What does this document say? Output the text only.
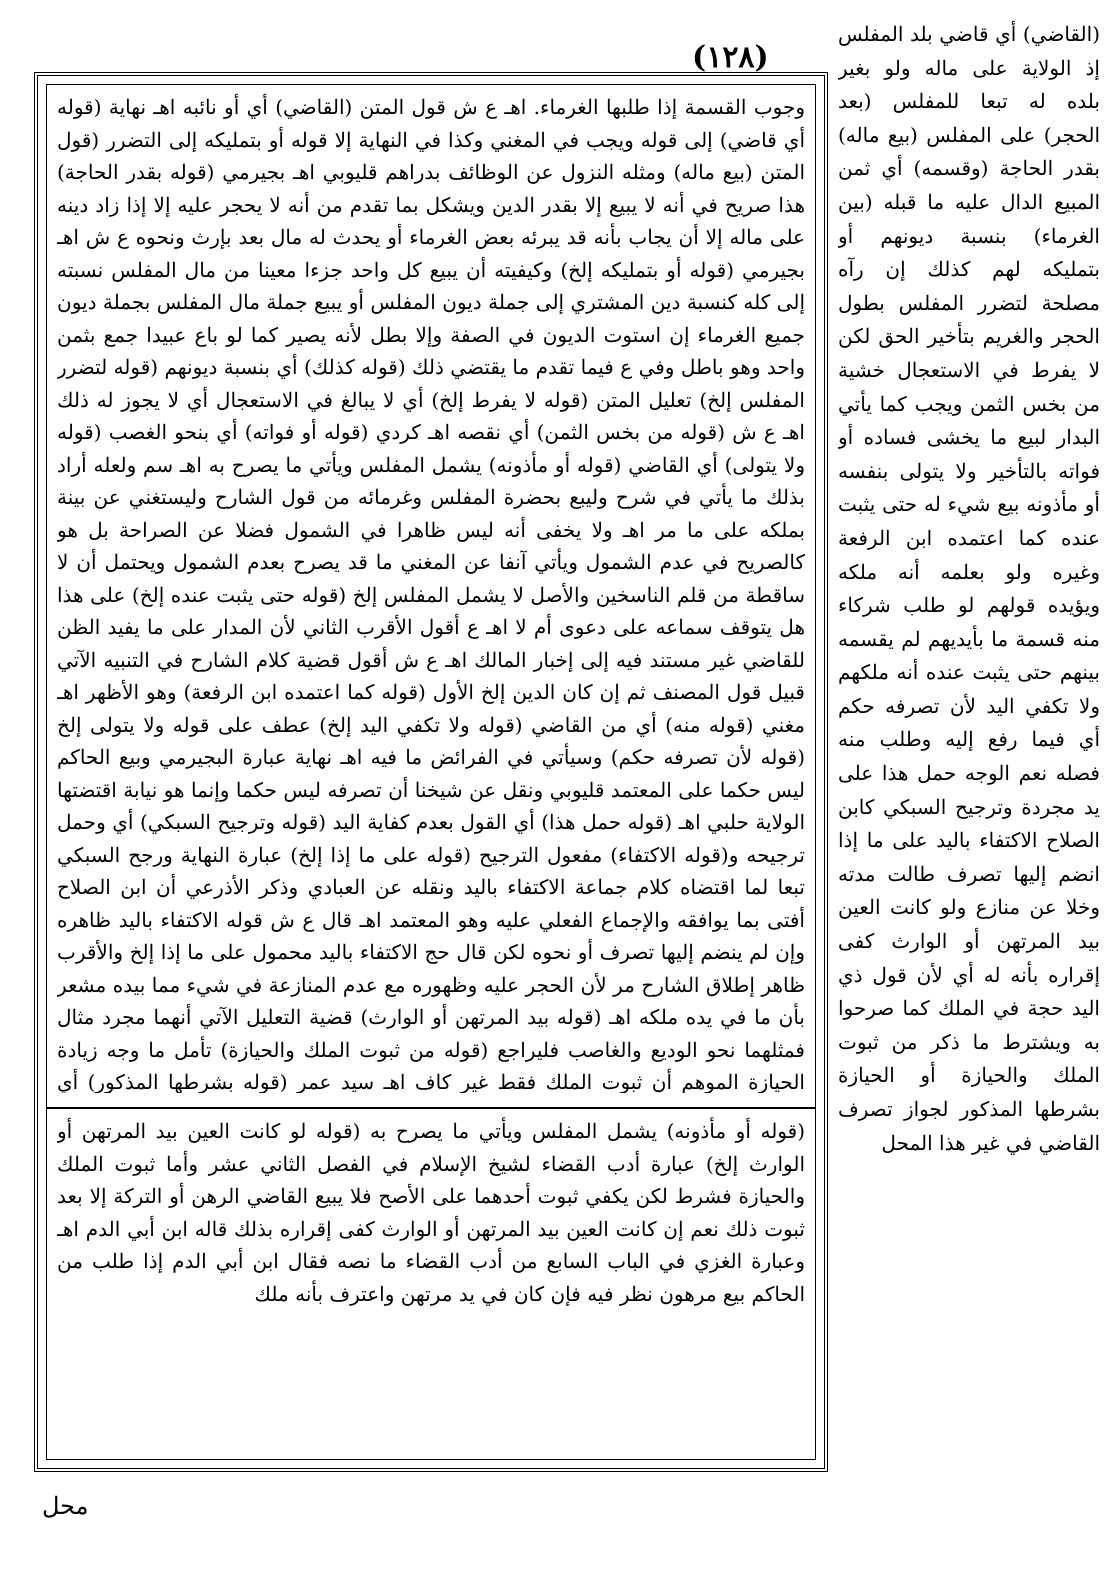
(١٢٨)

وجوب القسمة إذا طلبها الغرماء. اهـ ع ش قول المتن (القاضي) أي أو نائبه اهـ نهاية (قوله أي قاضي) إلى قوله ويجب في المغني وكذا في النهاية إلا قوله أو بتمليكه إلى التضرر (قول المتن (بيع ماله) ومثله النزول عن الوظائف بدراهم قليوبي اهـ بجيرمي (قوله بقدر الحاجة) هذا صريح في أنه لا يبيع إلا بقدر الدين ويشكل بما تقدم من أنه لا يحجر عليه إلا إذا زاد دينه على ماله إلا أن يجاب بأنه قد يبرئه بعض الغرماء أو يحدث له مال بعد بإرث ونحوه ع ش اهـ بجيرمي (قوله أو بتمليكه إلخ) وكيفيته أن يبيع كل واحد جزءا معينا من مال المفلس نسبته إلى كله كنسبة دين المشتري إلى جملة ديون المفلس أو يبيع جملة مال المفلس بجملة ديون جميع الغرماء إن استوت الديون في الصفة وإلا بطل لأنه يصير كما لو باع عبيدا جمع بثمن واحد وهو باطل وفي ع فيما تقدم ما يقتضي ذلك (قوله كذلك) أي بنسبة ديونهم (قوله لتضرر المفلس إلخ) تعليل المتن (قوله لا يفرط إلخ) أي لا يبالغ في الاستعجال أي لا يجوز له ذلك اهـ ع ش (قوله من بخس الثمن) أي نقصه اهـ كردي (قوله أو فواته) أي بنحو الغصب (قوله ولا يتولى) أي القاضي (قوله أو مأذونه) يشمل المفلس ويأتي ما يصرح به اهـ سم ولعله أراد بذلك ما يأتي في شرح وليبع بحضرة المفلس وغرمائه من قول الشارح وليستغني عن بينة بملكه على ما مر اهـ ولا يخفى أنه ليس ظاهرا في الشمول فضلا عن الصراحة بل هو كالصريح في عدم الشمول ويأتي آنفا عن المغني ما قد يصرح بعدم الشمول ويحتمل أن لا ساقطة من قلم الناسخين والأصل لا يشمل المفلس إلخ (قوله حتى يثبت عنده إلخ) على هذا هل يتوقف سماعه على دعوى أم لا اهـ ع أقول الأقرب الثاني لأن المدار على ما يفيد الظن للقاضي غير مستند فيه إلى إخبار المالك اهـ ع ش أقول قضية كلام الشارح في التنبيه الآتي قبيل قول المصنف ثم إن كان الدين إلخ الأول (قوله كما اعتمده ابن الرفعة) وهو الأظهر اهـ مغني (قوله منه) أي من القاضي (قوله ولا تكفي اليد إلخ) عطف على قوله ولا يتولى إلخ (قوله لأن تصرفه حكم) وسيأتي في الفرائض ما فيه اهـ نهاية عبارة البجيرمي وبيع الحاكم ليس حكما على المعتمد قليوبي ونقل عن شيخنا أن تصرفه ليس حكما وإنما هو نيابة اقتضتها الولاية حلبي اهـ (قوله حمل هذا) أي القول بعدم كفاية اليد (قوله وترجيح السبكي) أي وحمل ترجيحه و(قوله الاكتفاء) مفعول الترجيح (قوله على ما إذا إلخ) عبارة النهاية ورجح السبكي تبعا لما اقتضاه كلام جماعة الاكتفاء باليد ونقله عن العبادي وذكر الأذرعي أن ابن الصلاح أفتى بما يوافقه والإجماع الفعلي عليه وهو المعتمد اهـ قال ع ش قوله الاكتفاء باليد ظاهره وإن لم ينضم إليها تصرف أو نحوه لكن قال حج الاكتفاء باليد محمول على ما إذا إلخ والأقرب ظاهر إطلاق الشارح مر لأن الحجر عليه وظهوره مع عدم المنازعة في شيء مما بيده مشعر بأن ما في يده ملكه اهـ (قوله بيد المرتهن أو الوارث) قضية التعليل الآتي أنهما مجرد مثال فمثلهما نحو الوديع والغاصب فليراجع (قوله من ثبوت الملك والحيازة) تأمل ما وجه زيادة الحيازة الموهم أن ثبوت الملك فقط غير كاف اهـ سيد عمر (قوله بشرطها المذكور) أي

(قوله أو مأذونه) يشمل المفلس ويأتي ما يصرح به (قوله لو كانت العين بيد المرتهن أو الوارث إلخ) عبارة أدب القضاء لشيخ الإسلام في الفصل الثاني عشر وأما ثبوت الملك والحيازة فشرط لكن يكفي ثبوت أحدهما على الأصح فلا يبيع القاضي الرهن أو التركة إلا بعد ثبوت ذلك نعم إن كانت العين بيد المرتهن أو الوارث كفى إقراره بذلك قاله ابن أبي الدم اهـ وعبارة الغزي في الباب السابع من أدب القضاء ما نصه فقال ابن أبي الدم إذا طلب من الحاكم بيع مرهون نظر فيه فإن كان في يد مرتهن واعترف بأنه ملك

(القاضي) أي قاضي بلد المفلس إذ الولاية على ماله ولو بغير بلده له تبعا للمفلس (بعد الحجر) على المفلس (بيع ماله) بقدر الحاجة (وقسمه) أي ثمن المبيع الدال عليه ما قبله (بين الغرماء) بنسبة ديونهم أو بتمليكه لهم كذلك إن رآه مصلحة لتضرر المفلس بطول الحجر والغريم بتأخير الحق لكن لا يفرط في الاستعجال خشية من بخس الثمن ويجب كما يأتي البدار لبيع ما يخشى فساده أو فواته بالتأخير ولا يتولى بنفسه أو مأذونه بيع شيء له حتى يثبت عنده كما اعتمده ابن الرفعة وغيره ولو بعلمه أنه ملكه ويؤيده قولهم لو طلب شركاء منه قسمة ما بأيديهم لم يقسمه بينهم حتى يثبت عنده أنه ملكهم ولا تكفي اليد لأن تصرفه حكم أي فيما رفع إليه وطلب منه فصله نعم الوجه حمل هذا على يد مجردة وترجيح السبكي كابن الصلاح الاكتفاء باليد على ما إذا انضم إليها تصرف طالت مدته وخلا عن منازع ولو كانت العين بيد المرتهن أو الوارث كفى إقراره بأنه له أي لأن قول ذي اليد حجة في الملك كما صرحوا به ويشترط ما ذكر من ثبوت الملك والحيازة أو الحيازة بشرطها المذكور لجواز تصرف القاضي في غير هذا المحل

محل
